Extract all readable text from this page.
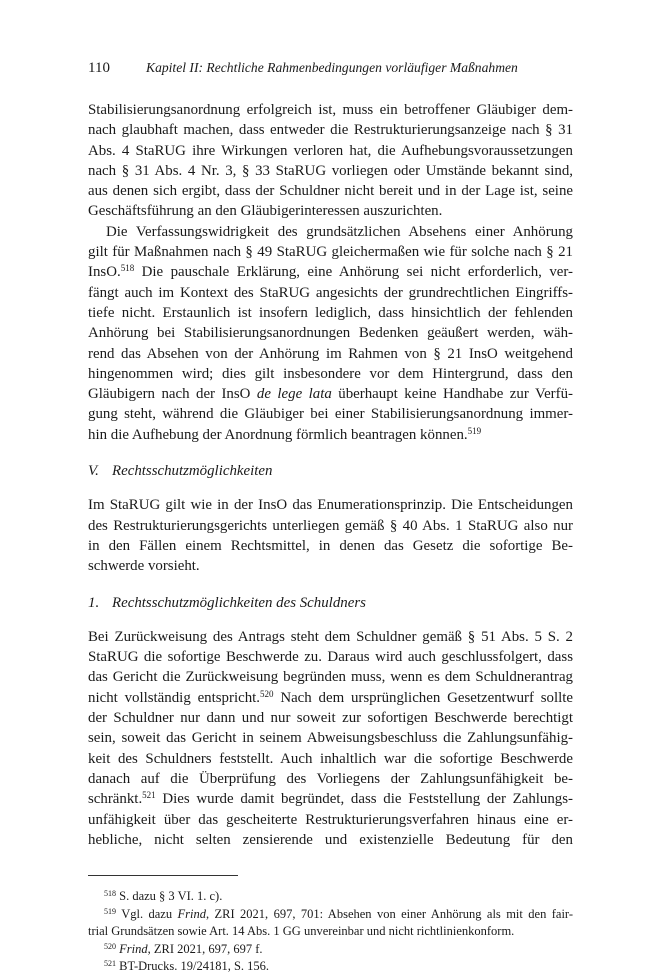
110	Kapitel II: Rechtliche Rahmenbedingungen vorläufiger Maßnahmen
Stabilisierungsanordnung erfolgreich ist, muss ein betroffener Gläubiger dem-
nach glaubhaft machen, dass entweder die Restrukturierungsanzeige nach § 31
Abs. 4 StaRUG ihre Wirkungen verloren hat, die Aufhebungsvoraussetzungen
nach § 31 Abs. 4 Nr. 3, § 33 StaRUG vorliegen oder Umstände bekannt sind,
aus denen sich ergibt, dass der Schuldner nicht bereit und in der Lage ist, seine
Geschäftsführung an den Gläubigerinteressen auszurichten.
Die Verfassungswidrigkeit des grundsätzlichen Absehens einer Anhörung
gilt für Maßnahmen nach § 49 StaRUG gleichermaßen wie für solche nach § 21
InsO.$^{518}$ Die pauschale Erklärung, eine Anhörung sei nicht erforderlich, ver-
fängt auch im Kontext des StaRUG angesichts der grundrechtlichen Eingriffs-
tiefe nicht. Erstaunlich ist insofern lediglich, dass hinsichtlich der fehlenden
Anhörung bei Stabilisierungsanordnungen Bedenken geäußert werden, wäh-
rend das Absehen von der Anhörung im Rahmen von § 21 InsO weitgehend
hingenommen wird; dies gilt insbesondere vor dem Hintergrund, dass den
Gläubigern nach der InsO de lege lata überhaupt keine Handhabe zur Verfü-
gung steht, während die Gläubiger bei einer Stabilisierungsanordnung immer-
hin die Aufhebung der Anordnung förmlich beantragen können.$^{519}$
V. Rechtsschutzmöglichkeiten
Im StaRUG gilt wie in der InsO das Enumerationsprinzip. Die Entscheidungen
des Restrukturierungsgerichts unterliegen gemäß § 40 Abs. 1 StaRUG also nur
in den Fällen einem Rechtsmittel, in denen das Gesetz die sofortige Be-
schwerde vorsieht.
1. Rechtsschutzmöglichkeiten des Schuldners
Bei Zurückweisung des Antrags steht dem Schuldner gemäß § 51 Abs. 5 S. 2
StaRUG die sofortige Beschwerde zu. Daraus wird auch geschlussfolgert, dass
das Gericht die Zurückweisung begründen muss, wenn es dem Schuldnerantrag
nicht vollständig entspricht.$^{520}$ Nach dem ursprünglichen Gesetzentwurf sollte
der Schuldner nur dann und nur soweit zur sofortigen Beschwerde berechtigt
sein, soweit das Gericht in seinem Abweisungsbeschluss die Zahlungsunfähig-
keit des Schuldners feststellt. Auch inhaltlich war die sofortige Beschwerde
danach auf die Überprüfung des Vorliegens der Zahlungsunfähigkeit be-
schränkt.$^{521}$ Dies wurde damit begründet, dass die Feststellung der Zahlungs-
unfähigkeit über das gescheiterte Restrukturierungsverfahren hinaus eine er-
hebliche, nicht selten zensierende und existenzielle Bedeutung für den
$^{518}$ S. dazu § 3 VI. 1. c).
$^{519}$ Vgl. dazu Frind, ZRI 2021, 697, 701: Absehen von einer Anhörung als mit den fair-
trial Grundsätzen sowie Art. 14 Abs. 1 GG unvereinbar und nicht richtlinienkonform.
$^{520}$ Frind, ZRI 2021, 697, 697 f.
$^{521}$ BT-Drucks. 19/24181, S. 156.
